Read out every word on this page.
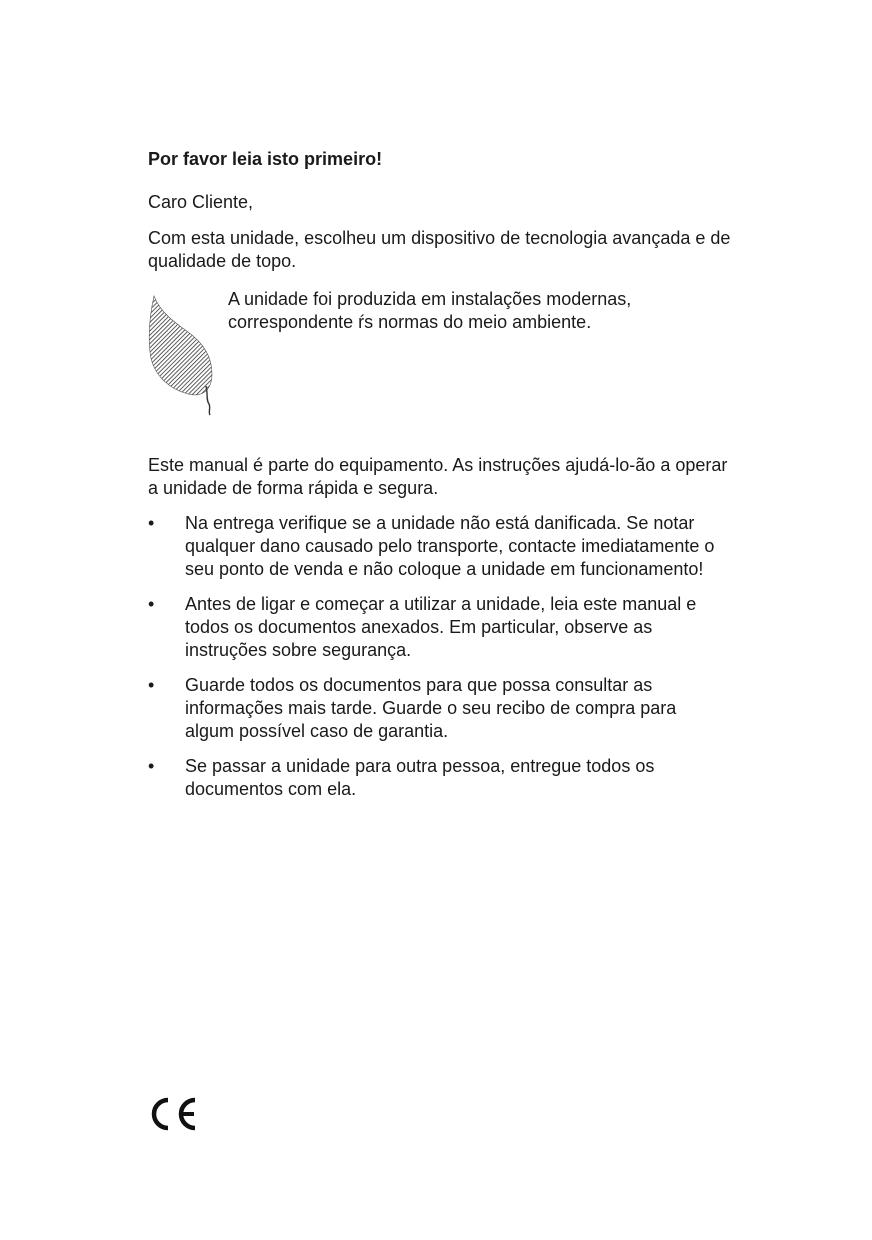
Por favor leia isto primeiro!

Caro Cliente,

Com esta unidade, escolheu um dispositivo de tecnologia avançada e de qualidade de topo.

A unidade foi produzida em instalações modernas, correspondente ŕs normas do meio ambiente.

Este manual é parte do equipamento. As instruções ajudá-lo-ão a operar a unidade de forma rápida e segura.

• Na entrega verifique se a unidade não está danificada. Se notar qualquer dano causado pelo transporte, contacte imediatamente o seu ponto de venda e não coloque a unidade em funcionamento!
• Antes de ligar e começar a utilizar a unidade, leia este manual e todos os documentos anexados. Em particular, observe as instruções sobre segurança.
• Guarde todos os documentos para que possa consultar as informações mais tarde. Guarde o seu recibo de compra para algum possível caso de garantia.
• Se passar a unidade para outra pessoa, entregue todos os documentos com ela.
